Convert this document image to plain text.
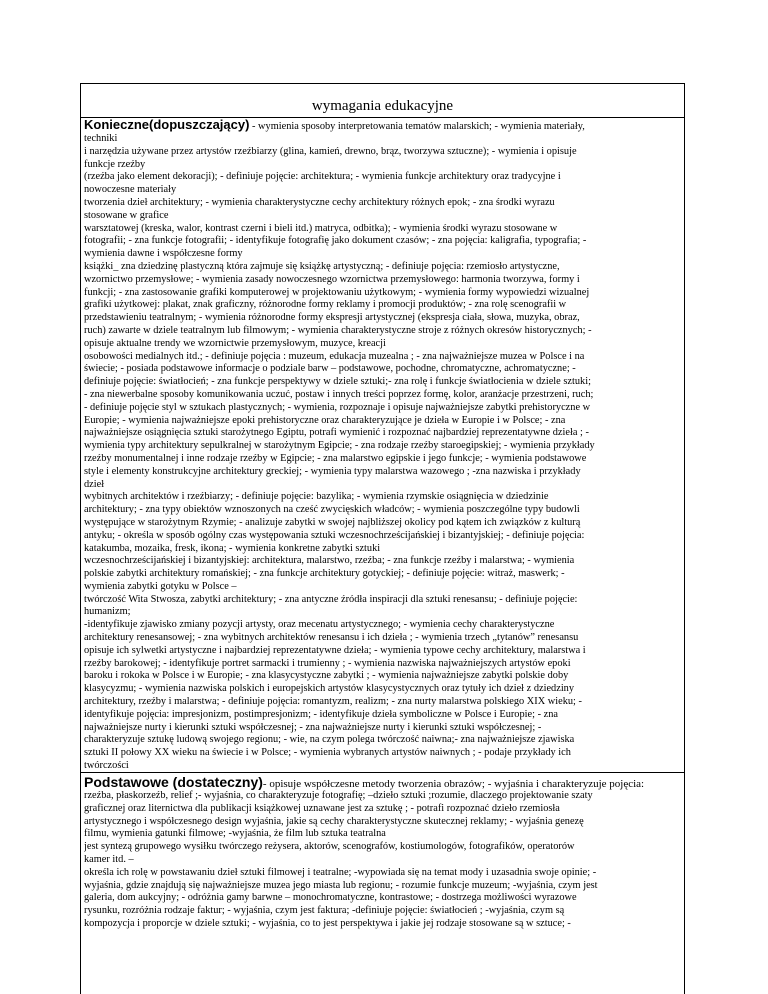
wymagania edukacyjne
Konieczne(dopuszczający) - wymienia sposoby interpretowania tematów malarskich; - wymienia materiały,
techniki
i narzędzia używane przez artystów rzeźbiarzy (glina, kamień, drewno, brąz, tworzywa sztuczne); - wymienia i opisuje
funkcje rzeźby
(rzeźba jako element dekoracji); - definiuje pojęcie: architektura; - wymienia funkcje architektury oraz tradycyjne i
nowoczesne materiały
tworzenia dzieł architektury; - wymienia charakterystyczne cechy architektury różnych epok; - zna środki wyrazu
stosowane w grafice
warsztatowej (kreska, walor, kontrast czerni i bieli itd.) matryca, odbitka); - wymienia środki wyrazu stosowane w
fotografii; - zna funkcje fotografii; - identyfikuje fotografię jako dokument czasów; - zna pojęcia: kaligrafia, typografia; -
wymienia dawne i współczesne formy
książki_ zna dziedzinę plastyczną która zajmuje się książkę artystyczną; - definiuje pojęcia: rzemiosło artystyczne,
wzornictwo przemysłowe; - wymienia zasady nowoczesnego wzornictwa przemysłowego: harmonia tworzywa, formy i
funkcji; - zna zastosowanie grafiki komputerowej w projektowaniu użytkowym; - wymienia formy wypowiedzi wizualnej
grafiki użytkowej: plakat, znak graficzny, różnorodne formy reklamy i promocji produktów; - zna rolę scenografii w
przedstawieniu teatralnym; - wymienia różnorodne formy ekspresji artystycznej (ekspresja ciała, słowa, muzyka, obraz,
ruch) zawarte w dziele teatralnym lub filmowym; - wymienia charakterystyczne stroje z różnych okresów historycznych; -
opisuje aktualne trendy we wzornictwie przemysłowym, muzyce, kreacji
osobowości medialnych itd.; - definiuje pojęcia : muzeum, edukacja muzealna ; - zna najważniejsze muzea w Polsce i na
świecie; - posiada podstawowe informacje o podziale barw – podstawowe, pochodne, chromatyczne, achromatyczne; -
definiuje pojęcie: światłocień; - zna funkcje perspektywy w dziele sztuki;- zna rolę i funkcje światłocienia w dziele sztuki;
- zna niewerbalne sposoby komunikowania uczuć, postaw i innych treści poprzez formę, kolor, aranżacje przestrzeni, ruch;
- definiuje pojęcie styl w sztukach plastycznych; - wymienia, rozpoznaje i opisuje najważniejsze zabytki prehistoryczne w
Europie; - wymienia najważniejsze epoki prehistoryczne oraz charakteryzujące je dzieła w Europie i w Polsce; - zna
najważniejsze osiągnięcia sztuki starożytnego Egiptu, potrafi wymienić i rozpoznać najbardziej reprezentatywne dzieła ; -
wymienia typy architektury sepulkralnej w starożytnym Egipcie; - zna rodzaje rzeźby staroegipskiej; - wymienia przykłady
rzeźby monumentalnej i inne rodzaje rzeźby w Egipcie; - zna malarstwo egipskie i jego funkcje; - wymienia podstawowe
style i elementy konstrukcyjne architektury greckiej; - wymienia typy malarstwa wazowego ; -zna nazwiska i przykłady
dzieł
wybitnych architektów i rzeźbiarzy; - definiuje pojęcie: bazylika; - wymienia rzymskie osiągnięcia w dziedzinie
architektury; - zna typy obiektów wznoszonych na cześć zwycięskich władców; - wymienia poszczególne typy budowli
występujące w starożytnym Rzymie; - analizuje zabytki w swojej najbliższej okolicy pod kątem ich związków z kulturą
antyku; - określa w sposób ogólny czas występowania sztuki wczesnochrześcijańskiej i bizantyjskiej; - definiuje pojęcia:
katakumba, mozaika, fresk, ikona; - wymienia konkretne zabytki sztuki
wczesnochrześcijańskiej i bizantyjskiej: architektura, malarstwo, rzeźba; - zna funkcje rzeźby i malarstwa; - wymienia
polskie zabytki architektury romańskiej; - zna funkcje architektury gotyckiej; - definiuje pojęcie: witraż, maswerk; -
wymienia zabytki gotyku w Polsce –
twórczość Wita Stwosza, zabytki architektury; - zna antyczne źródła inspiracji dla sztuki renesansu; - definiuje pojęcie:
humanizm;
-identyfikuje zjawisko zmiany pozycji artysty, oraz mecenatu artystycznego; - wymienia cechy charakterystyczne
architektury renesansowej; - zna wybitnych architektów renesansu i ich dzieła ; - wymienia trzech „tytanów” renesansu
opisuje ich sylwetki artystyczne i najbardziej reprezentatywne dzieła; - wymienia typowe cechy architektury, malarstwa i
rzeźby barokowej; - identyfikuje portret sarmacki i trumienny ; - wymienia nazwiska najważniejszych artystów epoki
baroku i rokoka w Polsce i w Europie; - zna klasycystyczne zabytki ; - wymienia najważniejsze zabytki polskie doby
klasycyzmu; - wymienia nazwiska polskich i europejskich artystów klasycystycznych oraz tytuły ich dzieł z dziedziny
architektury, rzeźby i malarstwa; - definiuje pojęcia: romantyzm, realizm; - zna nurty malarstwa polskiego XIX wieku; -
identyfikuje pojęcia: impresjonizm, postimpresjonizm; - identyfikuje dzieła symboliczne w Polsce i Europie; - zna
najważniejsze nurty i kierunki sztuki współczesnej; - zna najważniejsze nurty i kierunki sztuki współczesnej; -
charakteryzuje sztukę ludową swojego regionu; - wie, na czym polega twórczość naiwna;- zna najważniejsze zjawiska
sztuki II połowy XX wieku na świecie i w Polsce; - wymienia wybranych artystów naiwnych ; - podaje przykłady ich
twórczości
Podstawowe (dostateczny)- opisuje współczesne metody tworzenia obrazów; - wyjaśnia i charakteryzuje pojęcia:
rzeźba, płaskorzeźb, relief ;- wyjaśnia, co charakteryzuje fotografię; –dzieło sztuki ;rozumie, dlaczego projektowanie szaty
graficznej oraz liternictwa dla publikacji książkowej uznawane jest za sztukę ; - potrafi rozpoznać dzieło rzemiosła
artystycznego i współczesnego design wyjaśnia, jakie są cechy charakterystyczne skutecznej reklamy; - wyjaśnia genezę
filmu, wymienia gatunki filmowe; -wyjaśnia, że film lub sztuka teatralna
jest syntezą grupowego wysiłku twórczego reżysera, aktorów, scenografów, kostiumologów, fotografików, operatorów
kamer itd. –
określa ich rolę w powstawaniu dzieł sztuki filmowej i teatralne; -wypowiada się na temat mody i uzasadnia swoje opinie; -
wyjaśnia, gdzie znajdują się najważniejsze muzea jego miasta lub regionu; - rozumie funkcje muzeum; -wyjaśnia, czym jest
galeria, dom aukcyjny; - odróżnia gamy barwne – monochromatyczne, kontrastowe; - dostrzega możliwości wyrazowe
rysunku, rozróżnia rodzaje faktur; - wyjaśnia, czym jest faktura; -definiuje pojęcie: światłocień ; -wyjaśnia, czym są
kompozycja i proporcje w dziele sztuki; - wyjaśnia, co to jest perspektywa i jakie jej rodzaje stosowane są w sztuce; -
